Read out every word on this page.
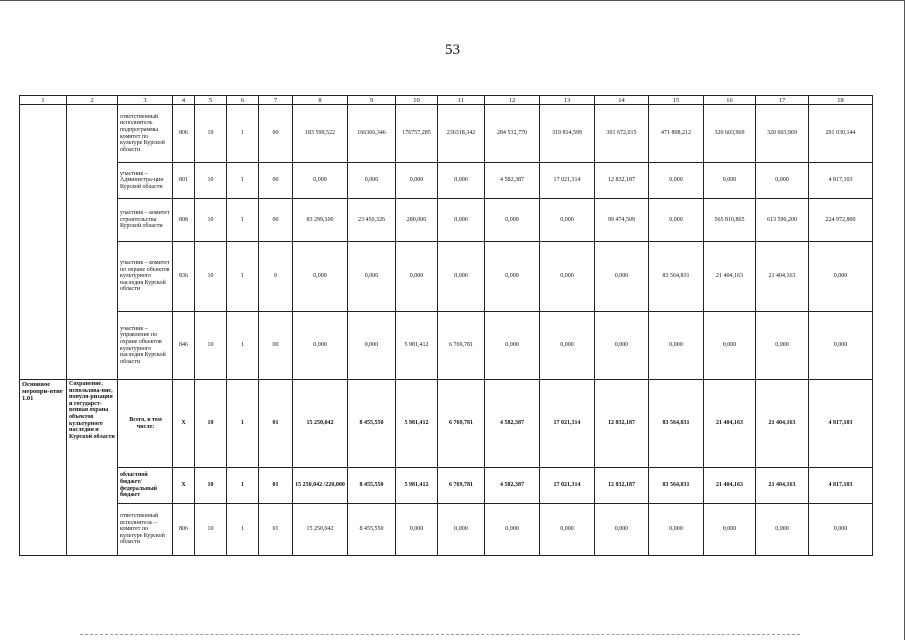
53
1	2	3	4	5	6	7	8	9	10	11	12	13	14	15	16	17	18
		ответственный исполнитель подпрограммы комитет по культуре Курской области	806	10	1	00	183 599,522	166366,346	176757,285	236318,342	284 532,770	319 814,599	301 672,015	471 808,212	320 603,969	320 603,969	291 030,144
		участник – Администра-ция Курской области	801	10	1	00	0,000	0,000	0,000	0,000	4 582,387	17 021,314	12 832,187	0,000	0,000	0,000	4 817,103
		участник – комитет строительства Курской области	808	10	1	00	83 299,100	23 450,326	280,000	0,000	0,000	0,000	99 474,509	0,000	565 810,865	613 590,200	224 972,800
		участник – комитет по охране объектов культурного наследия Курской области	836	10	1	0	0,000	0,000	0,000	0,000	0,000	0,000	0,000	83 564,831	21 404,163	21 404,163	0,000
		участник – управление по охране объектов культурного наследия Курской области	846	10	1	00	0,000	0,000	5 981,412	6 769,781	0,000	0,000	0,000	0,000	0,000	0,000	0,000
Основное меропри-ятие 1.01	Сохранение, использова-ние, популя-ризация и государст-венная охрана объектов культурного наследия и Курской области	Всего, в том числе:	Х	10	1	01	15 250,042	8 455,550	5 981,412	6 769,781	4 582,387	17 021,314	12 832,187	83 564,831	21 404,163	21 404,163	4 817,103
		областной бюджет/ федеральный бюджет	Х	10	1	01	15 250,042 /220,000	8 455,550	5 981,412	6 769,781	4 582,387	17 021,314	12 832,187	83 564,831	21 404,163	21 404,163	4 817,103
		ответственный исполнитель – комитет по культуре Курской области	806	10	1	01	15 250,042	8 455,550	0,000	0,000	0,000	0,000	0,000	0,000	0,000	0,000	0,000
